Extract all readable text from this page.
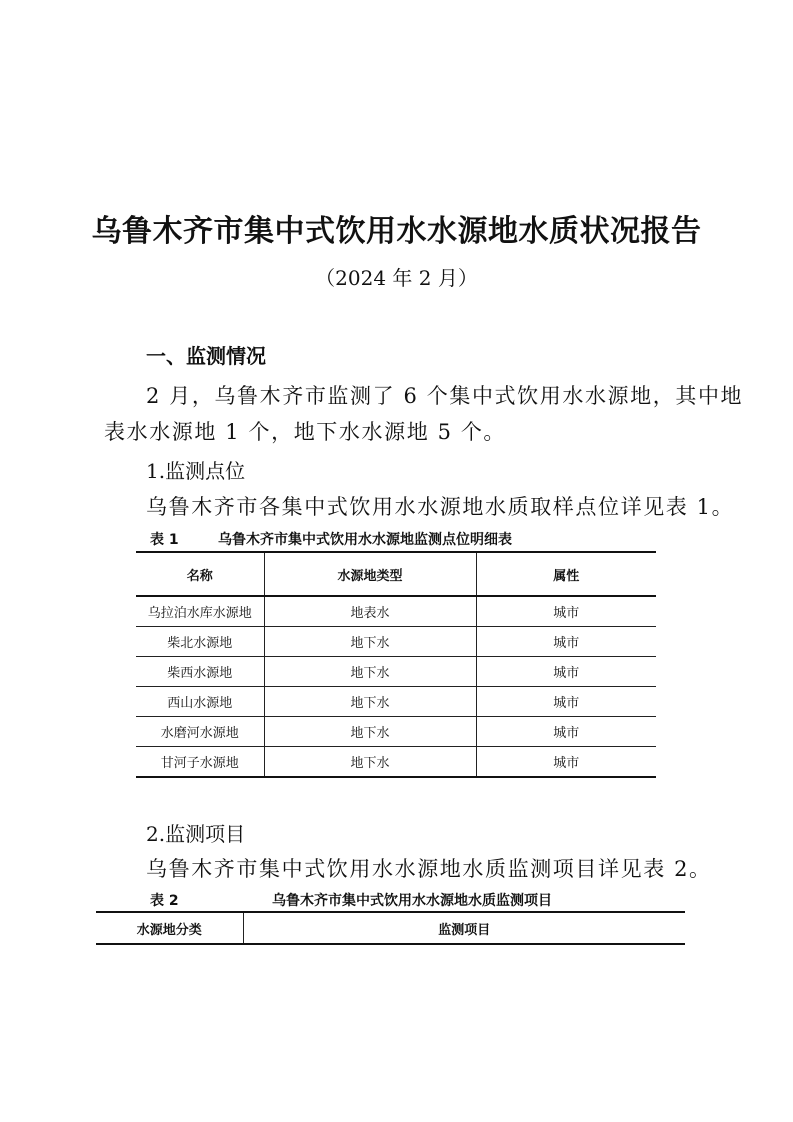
乌鲁木齐市集中式饮用水水源地水质状况报告
（2024 年 2 月）
一、监测情况
2 月，乌鲁木齐市监测了 6 个集中式饮用水水源地，其中地
表水水源地 1 个，地下水水源地 5 个。
1.监测点位
乌鲁木齐市各集中式饮用水水源地水质取样点位详见表 1。
表 1	乌鲁木齐市集中式饮用水水源地监测点位明细表
名称	水源地类型	属性
乌拉泊水库水源地	地表水	城市
柴北水源地	地下水	城市
柴西水源地	地下水	城市
西山水源地	地下水	城市
水磨河水源地	地下水	城市
甘河子水源地	地下水	城市
2.监测项目
乌鲁木齐市集中式饮用水水源地水质监测项目详见表 2。
表 2	乌鲁木齐市集中式饮用水水源地水质监测项目
水源地分类	监测项目
